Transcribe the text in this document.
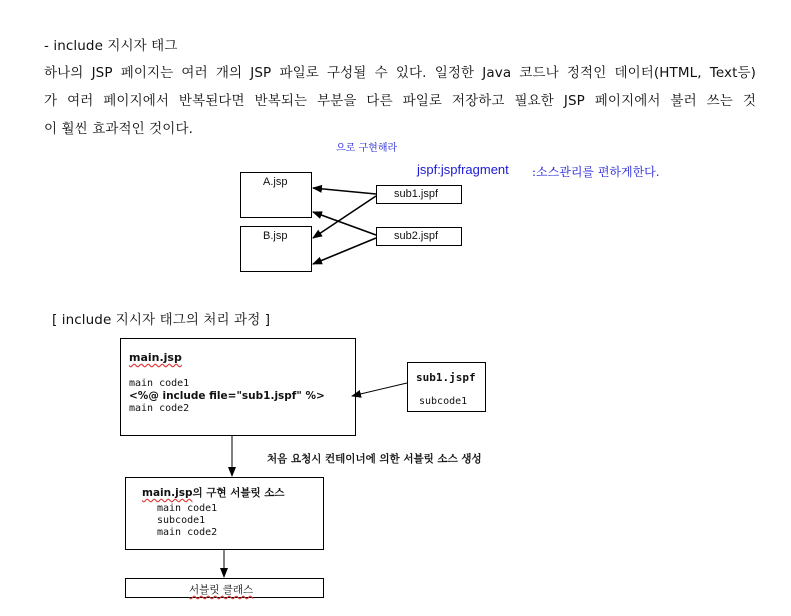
- include 지시자 태그
하나의 JSP 페이지는 여러 개의 JSP 파일로 구성될 수 있다. 일정한 Java 코드나 정적인 데이터(HTML, Text등)
가 여러 페이지에서 반복된다면 반복되는 부분을 다른 파일로 저장하고 필요한 JSP 페이지에서 불러 쓰는 것
이 훨씬 효과적인 것이다.
으로 구현해라
jspf:jspfragment :소스관리를 편하게한다.
A.jsp
B.jsp
sub1.jspf
sub2.jspf
[ include 지시자 태그의 처리 과정 ]
main.jsp
main code1
<%@ include file="sub1.jspf" %>
main code2
sub1.jspf
subcode1
처음 요청시 컨테이너에 의한 서블릿 소스 생성
main.jsp의 구현 서블릿 소스
main code1
subcode1
main code2
서블릿 클래스
